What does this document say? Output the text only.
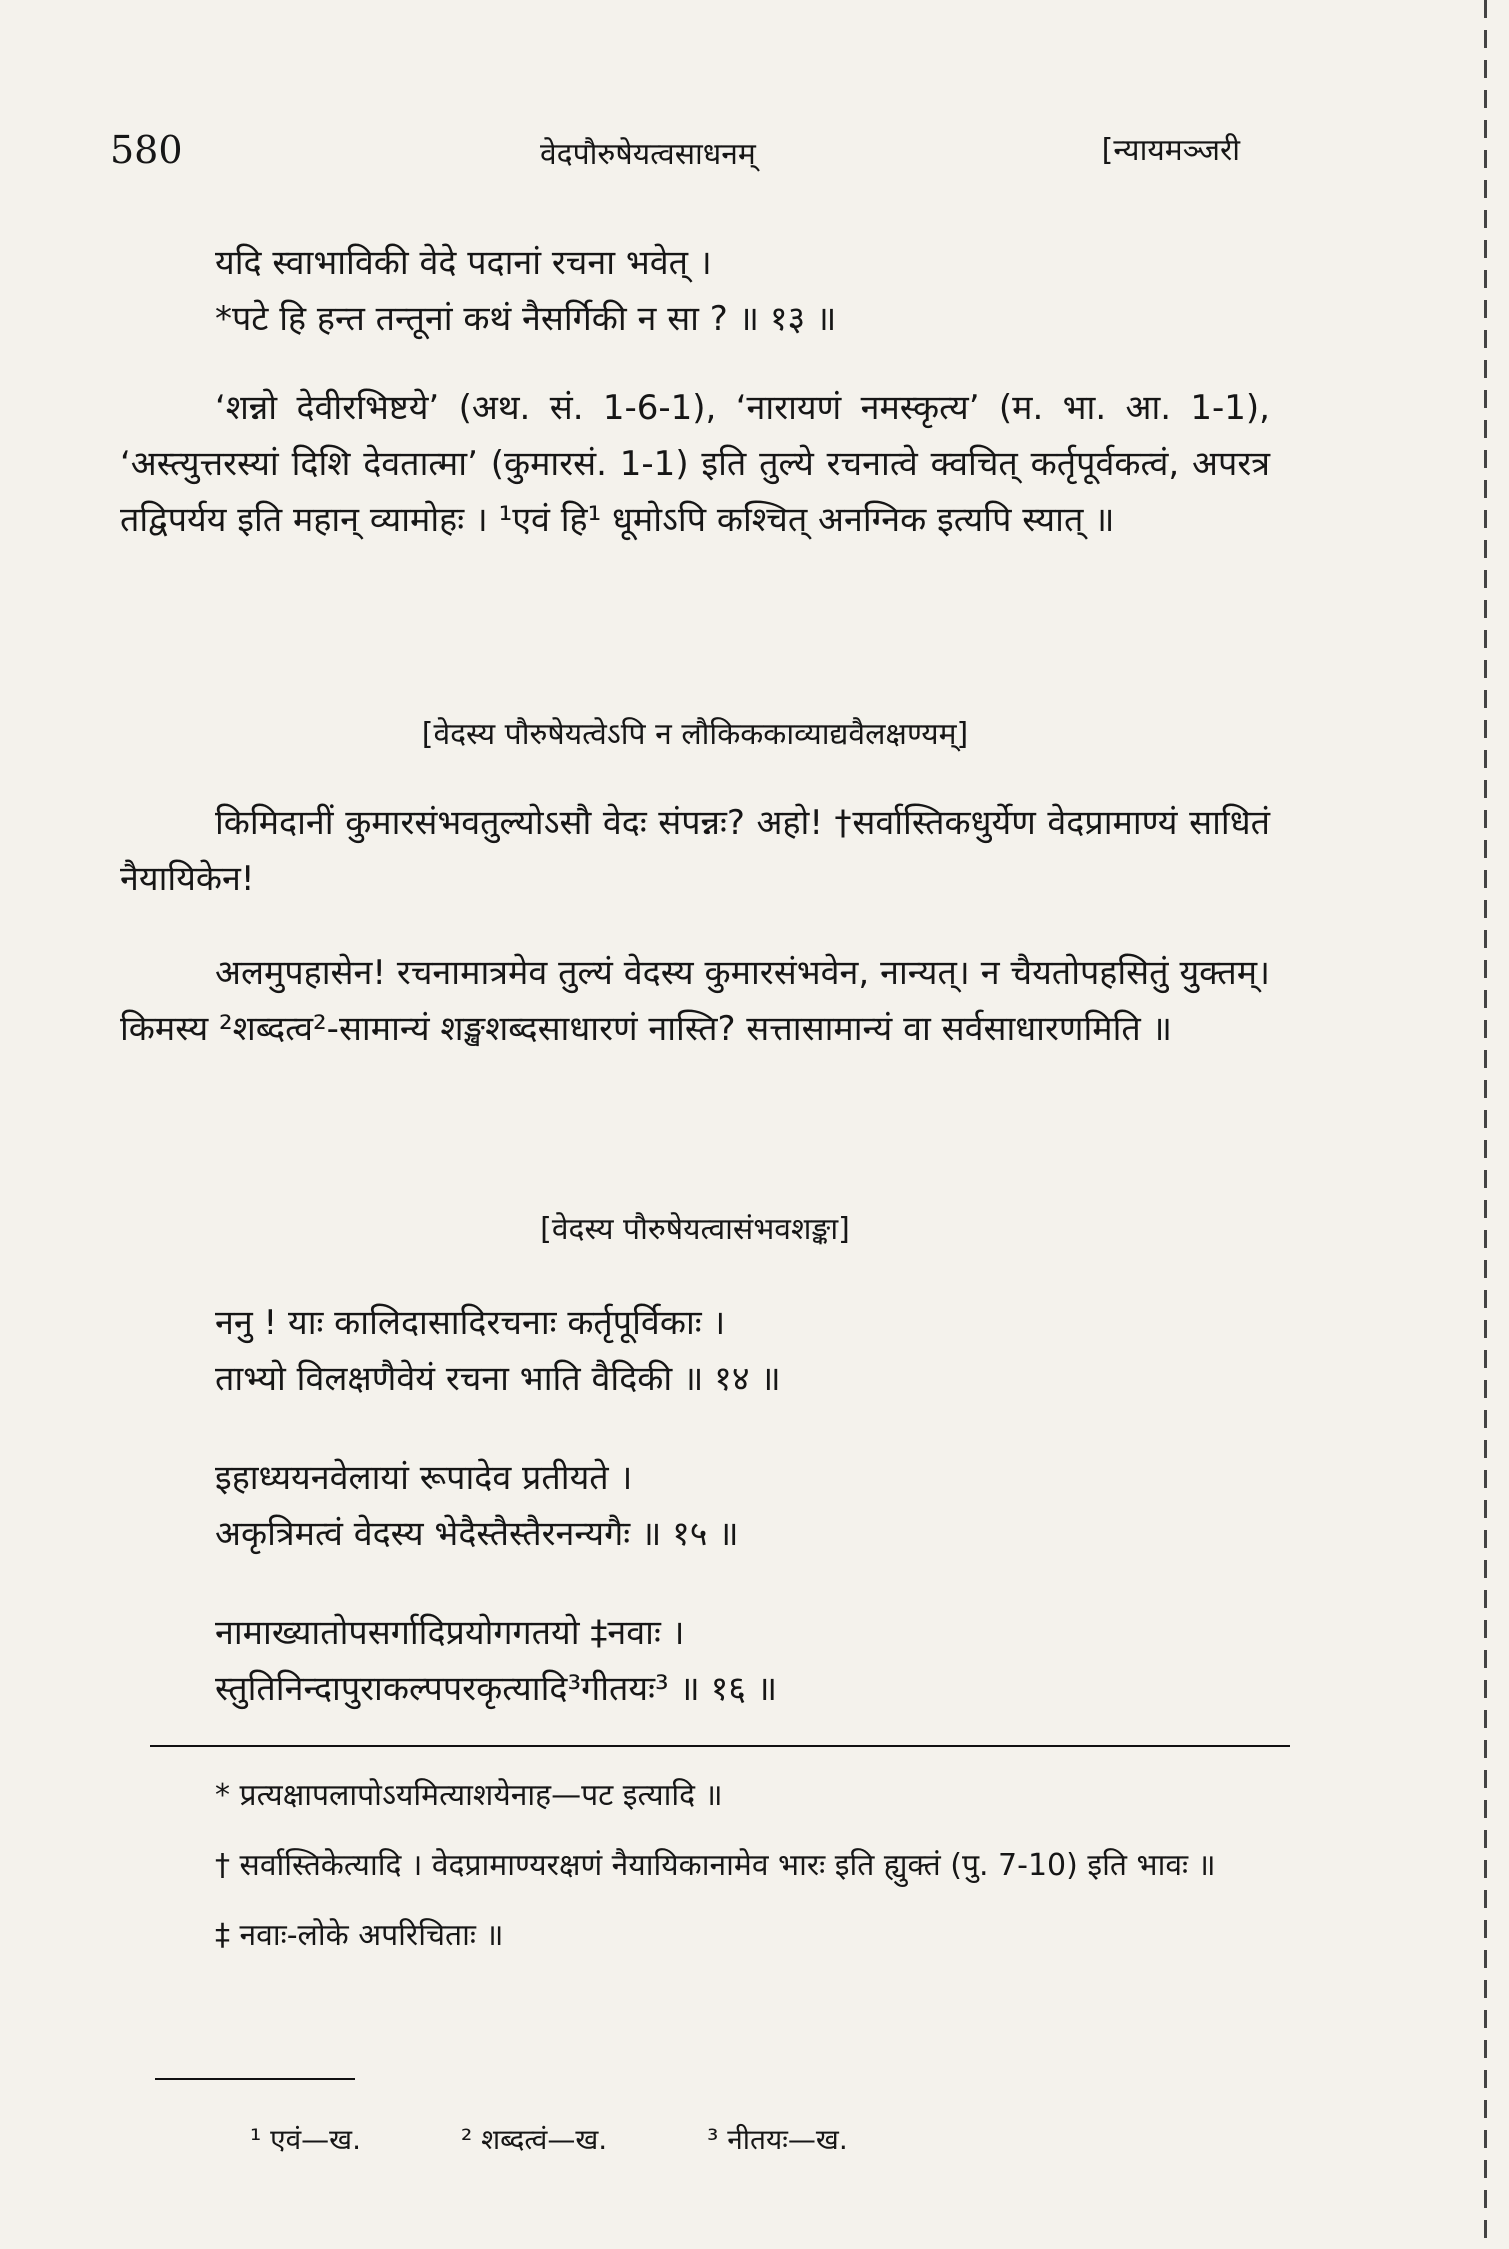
580	वेदपौरुषेयत्वसाधनम्	[न्यायमञ्जरी
यदि स्वाभाविकी वेदे पदानां रचना भवेत् ।
*पटे हि हन्त तन्तूनां कथं नैसर्गिकी न सा ? ॥ १३ ॥
‘शन्नो देवीरभिष्टये’ (अथ. सं. 1-6-1), ‘नारायणं नमस्कृत्य’ (म. भा. आ. 1-1), ‘अस्त्युत्तरस्यां दिशि देवतात्मा’ (कुमारसं. 1-1) इति तुल्ये रचनात्वे क्वचित् कर्तृपूर्वकत्वं, अपरत्र तद्विपर्यय इति महान् व्यामोहः । ¹एवं हि¹ धूमोऽपि कश्चित् अनग्निक इत्यपि स्यात् ॥
[वेदस्य पौरुषेयत्वेऽपि न लौकिककाव्याद्यवैलक्षण्यम्]
किमिदानीं कुमारसंभवतुल्योऽसौ वेदः संपन्नः? अहो! †सर्वास्तिकधुर्येण वेदप्रामाण्यं साधितं नैयायिकेन!
अलमुपहासेन! रचनामात्रमेव तुल्यं वेदस्य कुमारसंभवेन, नान्यत्। न चैयतोपहसितुं युक्तम्। किमस्य ²शब्दत्व²-सामान्यं शङ्खशब्दसाधारणं नास्ति? सत्तासामान्यं वा सर्वसाधारणमिति ॥
[वेदस्य पौरुषेयत्वासंभवशङ्का]
ननु ! याः कालिदासादिरचनाः कर्तृपूर्विकाः ।
ताभ्यो विलक्षणैवेयं रचना भाति वैदिकी ॥ १४ ॥
इहाध्ययनवेलायां रूपादेव प्रतीयते ।
अकृत्रिमत्वं वेदस्य भेदैस्तैस्तैरनन्यगैः ॥ १५ ॥
नामाख्यातोपसर्गादिप्रयोगगतयो ‡नवाः ।
स्तुतिनिन्दापुराकल्पपरकृत्यादि³गीतयः³ ॥ १६ ॥
* प्रत्यक्षापलापोऽयमित्याशयेनाह—पट इत्यादि ॥
† सर्वास्तिकेत्यादि । वेदप्रामाण्यरक्षणं नैयायिकानामेव भारः इति ह्युक्तं (पु. 7-10) इति भावः ॥
‡ नवाः-लोके अपरिचिताः ॥
¹ एवं—ख.	² शब्दत्वं—ख.	³ नीतयः—ख.
